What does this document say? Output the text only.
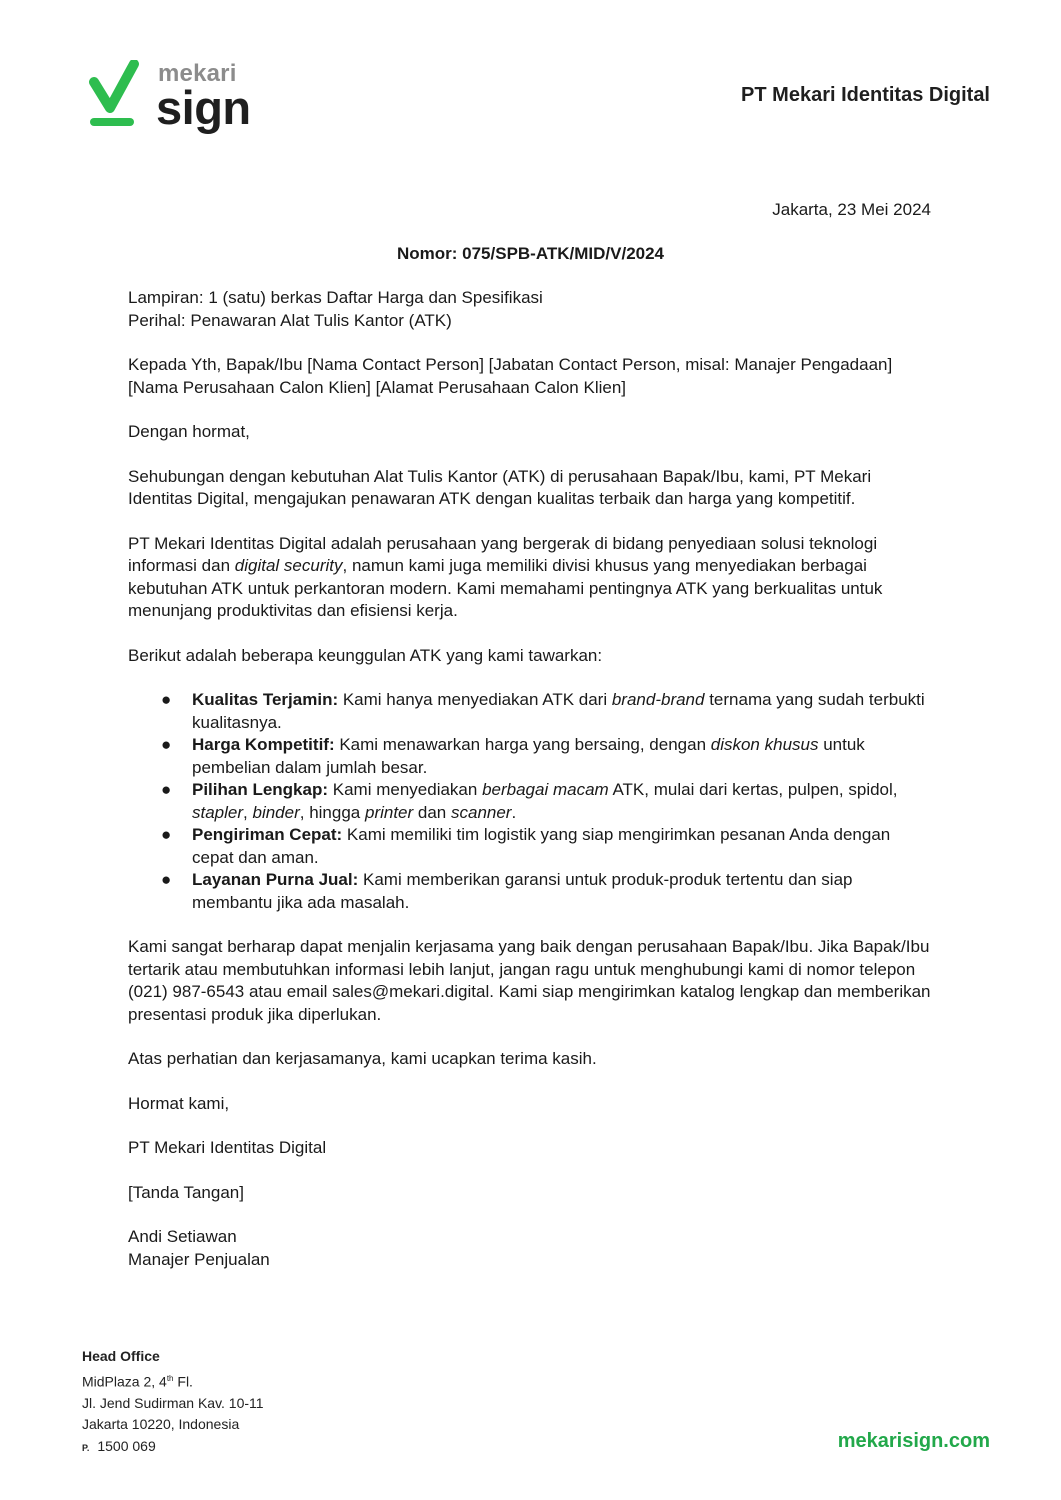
mekari
sign	PT Mekari Identitas Digital
Jakarta, 23 Mei 2024
Nomor: 075/SPB-ATK/MID/V/2024

Lampiran: 1 (satu) berkas Daftar Harga dan Spesifikasi

Perihal: Penawaran Alat Tulis Kantor (ATK)

Kepada Yth, Bapak/Ibu [Nama Contact Person] [Jabatan Contact Person, misal: Manajer Pengadaan]

[Nama Perusahaan Calon Klien] [Alamat Perusahaan Calon Klien]

Dengan hormat,

Sehubungan dengan kebutuhan Alat Tulis Kantor (ATK) di perusahaan Bapak/Ibu, kami, PT Mekari Identitas Digital, mengajukan penawaran ATK dengan kualitas terbaik dan harga yang kompetitif.

PT Mekari Identitas Digital adalah perusahaan yang bergerak di bidang penyediaan solusi teknologi informasi dan digital security, namun kami juga memiliki divisi khusus yang menyediakan berbagai kebutuhan ATK untuk perkantoran modern. Kami memahami pentingnya ATK yang berkualitas untuk menunjang produktivitas dan efisiensi kerja.

Berikut adalah beberapa keunggulan ATK yang kami tawarkan:

● Kualitas Terjamin: Kami hanya menyediakan ATK dari brand-brand ternama yang sudah terbukti kualitasnya.
● Harga Kompetitif: Kami menawarkan harga yang bersaing, dengan diskon khusus untuk pembelian dalam jumlah besar.
● Pilihan Lengkap: Kami menyediakan berbagai macam ATK, mulai dari kertas, pulpen, spidol, stapler, binder, hingga printer dan scanner.
● Pengiriman Cepat: Kami memiliki tim logistik yang siap mengirimkan pesanan Anda dengan cepat dan aman.
● Layanan Purna Jual: Kami memberikan garansi untuk produk-produk tertentu dan siap membantu jika ada masalah.

Kami sangat berharap dapat menjalin kerjasama yang baik dengan perusahaan Bapak/Ibu. Jika Bapak/Ibu tertarik atau membutuhkan informasi lebih lanjut, jangan ragu untuk menghubungi kami di nomor telepon (021) 987-6543 atau email sales@mekari.digital. Kami siap mengirimkan katalog lengkap dan memberikan presentasi produk jika diperlukan.

Atas perhatian dan kerjasamanya, kami ucapkan terima kasih.

Hormat kami,

PT Mekari Identitas Digital

[Tanda Tangan]

Andi Setiawan

Manajer Penjualan

Head Office
MidPlaza 2, 4th Fl.
Jl. Jend Sudirman Kav. 10-11
Jakarta 10220, Indonesia
P. 1500 069	mekarisign.com
